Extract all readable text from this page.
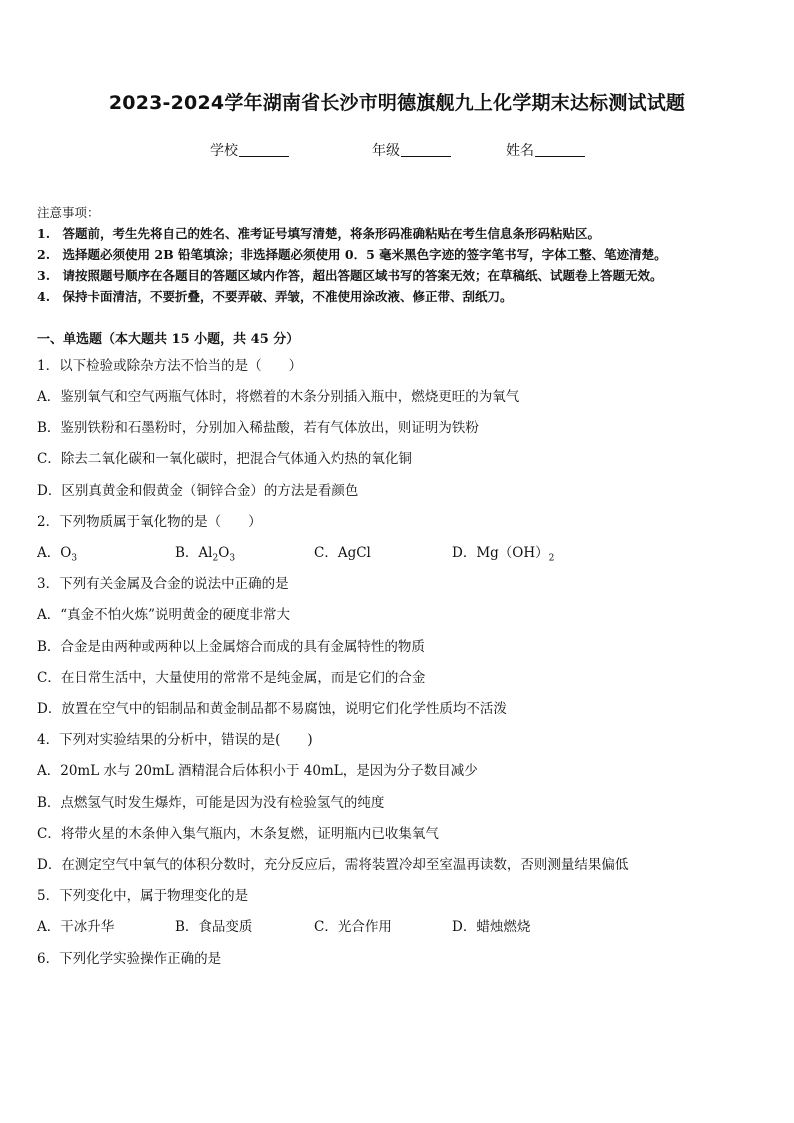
2023-2024学年湖南省长沙市明德旗舰九上化学期末达标测试试题
学校	年级	姓名
注意事项：
1.　答题前，考生先将自己的姓名、准考证号填写清楚，将条形码准确粘贴在考生信息条形码粘贴区。
2.　选择题必须使用 2B 铅笔填涂；非选择题必须使用 0．5 毫米黑色字迹的签字笔书写，字体工整、笔迹清楚。
3.　请按照题号顺序在各题目的答题区域内作答，超出答题区域书写的答案无效；在草稿纸、试题卷上答题无效。
4.　保持卡面清洁，不要折叠，不要弄破、弄皱，不准使用涂改液、修正带、刮纸刀。
一、单选题（本大题共 15 小题，共 45 分）
1．以下检验或除杂方法不恰当的是（　　）
A．鉴别氧气和空气两瓶气体时，将燃着的木条分别插入瓶中，燃烧更旺的为氧气
B．鉴别铁粉和石墨粉时，分别加入稀盐酸，若有气体放出，则证明为铁粉
C．除去二氧化碳和一氧化碳时，把混合气体通入灼热的氧化铜
D．区别真黄金和假黄金（铜锌合金）的方法是看颜色
2．下列物质属于氧化物的是（　　）
A．$O_3$	B．$Al_2O_3$	C．AgCl	D．$Mg(OH)_2$
3．下列有关金属及合金的说法中正确的是
A．“真金不怕火炼”说明黄金的硬度非常大
B．合金是由两种或两种以上金属熔合而成的具有金属特性的物质
C．在日常生活中，大量使用的常常不是纯金属，而是它们的合金
D．放置在空气中的铝制品和黄金制品都不易腐蚀，说明它们化学性质均不活泼
4．下列对实验结果的分析中，错误的是(　　)
A．20mL 水与 20mL 酒精混合后体积小于 40mL，是因为分子数目减少
B．点燃氢气时发生爆炸，可能是因为没有检验氢气的纯度
C．将带火星的木条伸入集气瓶内，木条复燃，证明瓶内已收集氧气
D．在测定空气中氧气的体积分数时，充分反应后，需将装置冷却至室温再读数，否则测量结果偏低
5．下列变化中，属于物理变化的是
A．干冰升华	B．食品变质	C．光合作用	D．蜡烛燃烧
6．下列化学实验操作正确的是
